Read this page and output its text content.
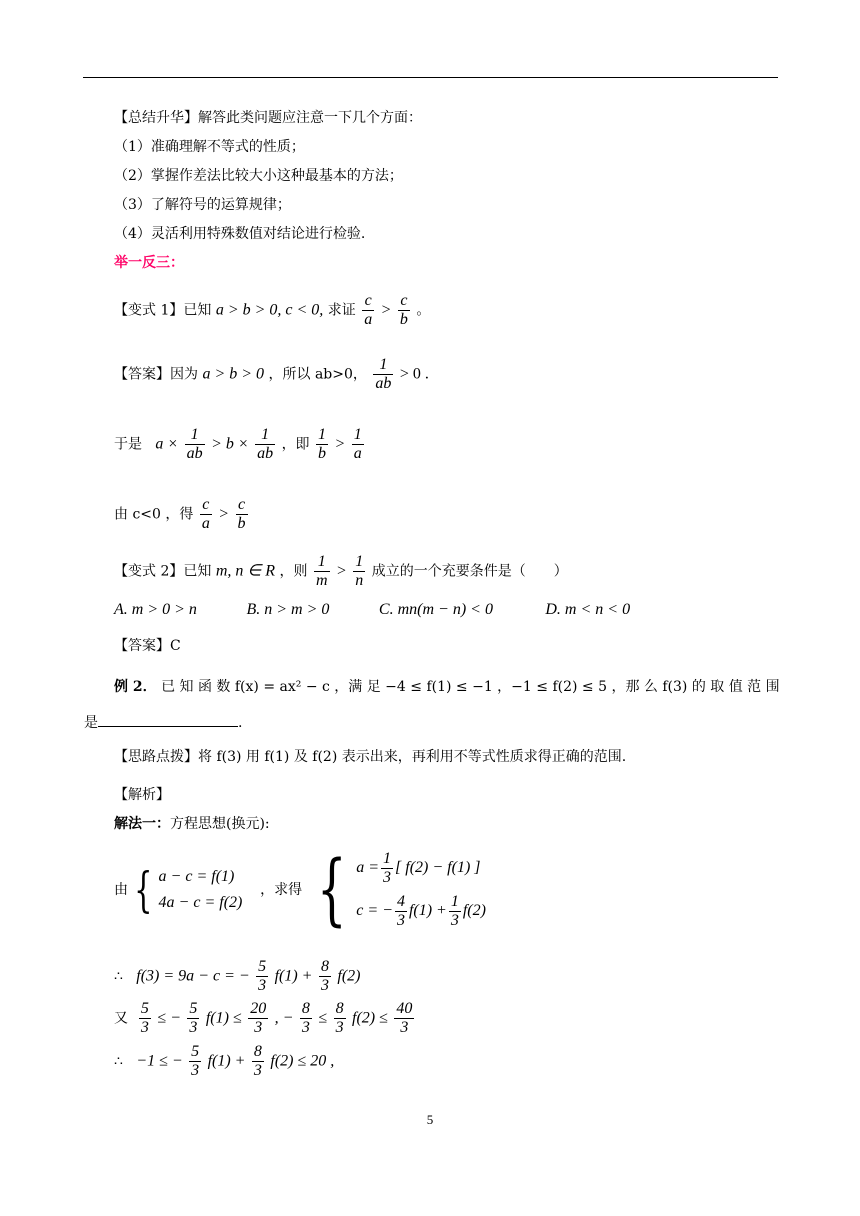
【总结升华】解答此类问题应注意一下几个方面：
（1）准确理解不等式的性质；
（2）掌握作差法比较大小这种最基本的方法；
（3）了解符号的运算规律；
（4）灵活利用特殊数值对结论进行检验.
举一反三：
【变式 1】已知 a > b > 0, c < 0, 求证 $\frac{c}{a} > \frac{c}{b}$ 。
【答案】因为 a > b > 0 ，所以 ab>0， $\frac{1}{ab} > 0$ .
于是 $a \times \frac{1}{ab} > b \times \frac{1}{ab}$ ，即 $\frac{1}{b} > \frac{1}{a}$
由 c<0 ，得 $\frac{c}{a} > \frac{c}{b}$
【变式 2】已知 m, n ∈ R ，则 $\frac{1}{m} > \frac{1}{n}$ 成立的一个充要条件是（　　）
A. m > 0 > n	B. n > m > 0	C. mn(m − n) < 0	D. m < n < 0
【答案】C
例 2． 已 知 函 数 f(x) = ax² − c ，满 足 −4 ≤ f(1) ≤ −1 ，−1 ≤ f(2) ≤ 5 ，那 么 f(3) 的 取 值 范 围
是	.
【思路点拨】将 f(3) 用 f(1) 及 f(2) 表示出来，再利用不等式性质求得正确的范围.
【解析】
解法一：方程思想(换元):
由 { a − c = f(1)
4a − c = f(2)
，求得 { $a = \frac{1}{3}$ [ f(2) − f(1) ]
c = − $\frac{4}{3} f(1) + \frac{1}{3} f(2)$
∴ f(3) = 9a − c = − $\frac{5}{3} f(1) + \frac{8}{3} f(2)$
又 $\frac{5}{3}$ ≤ − $\frac{5}{3} f(1) \le \frac{20}{3}$ , − $\frac{8}{3} \le \frac{8}{3} f(2) \le \frac{40}{3}$
∴ −1 ≤ − $\frac{5}{3} f(1) + \frac{8}{3} f(2) \le 20$ ,
5
